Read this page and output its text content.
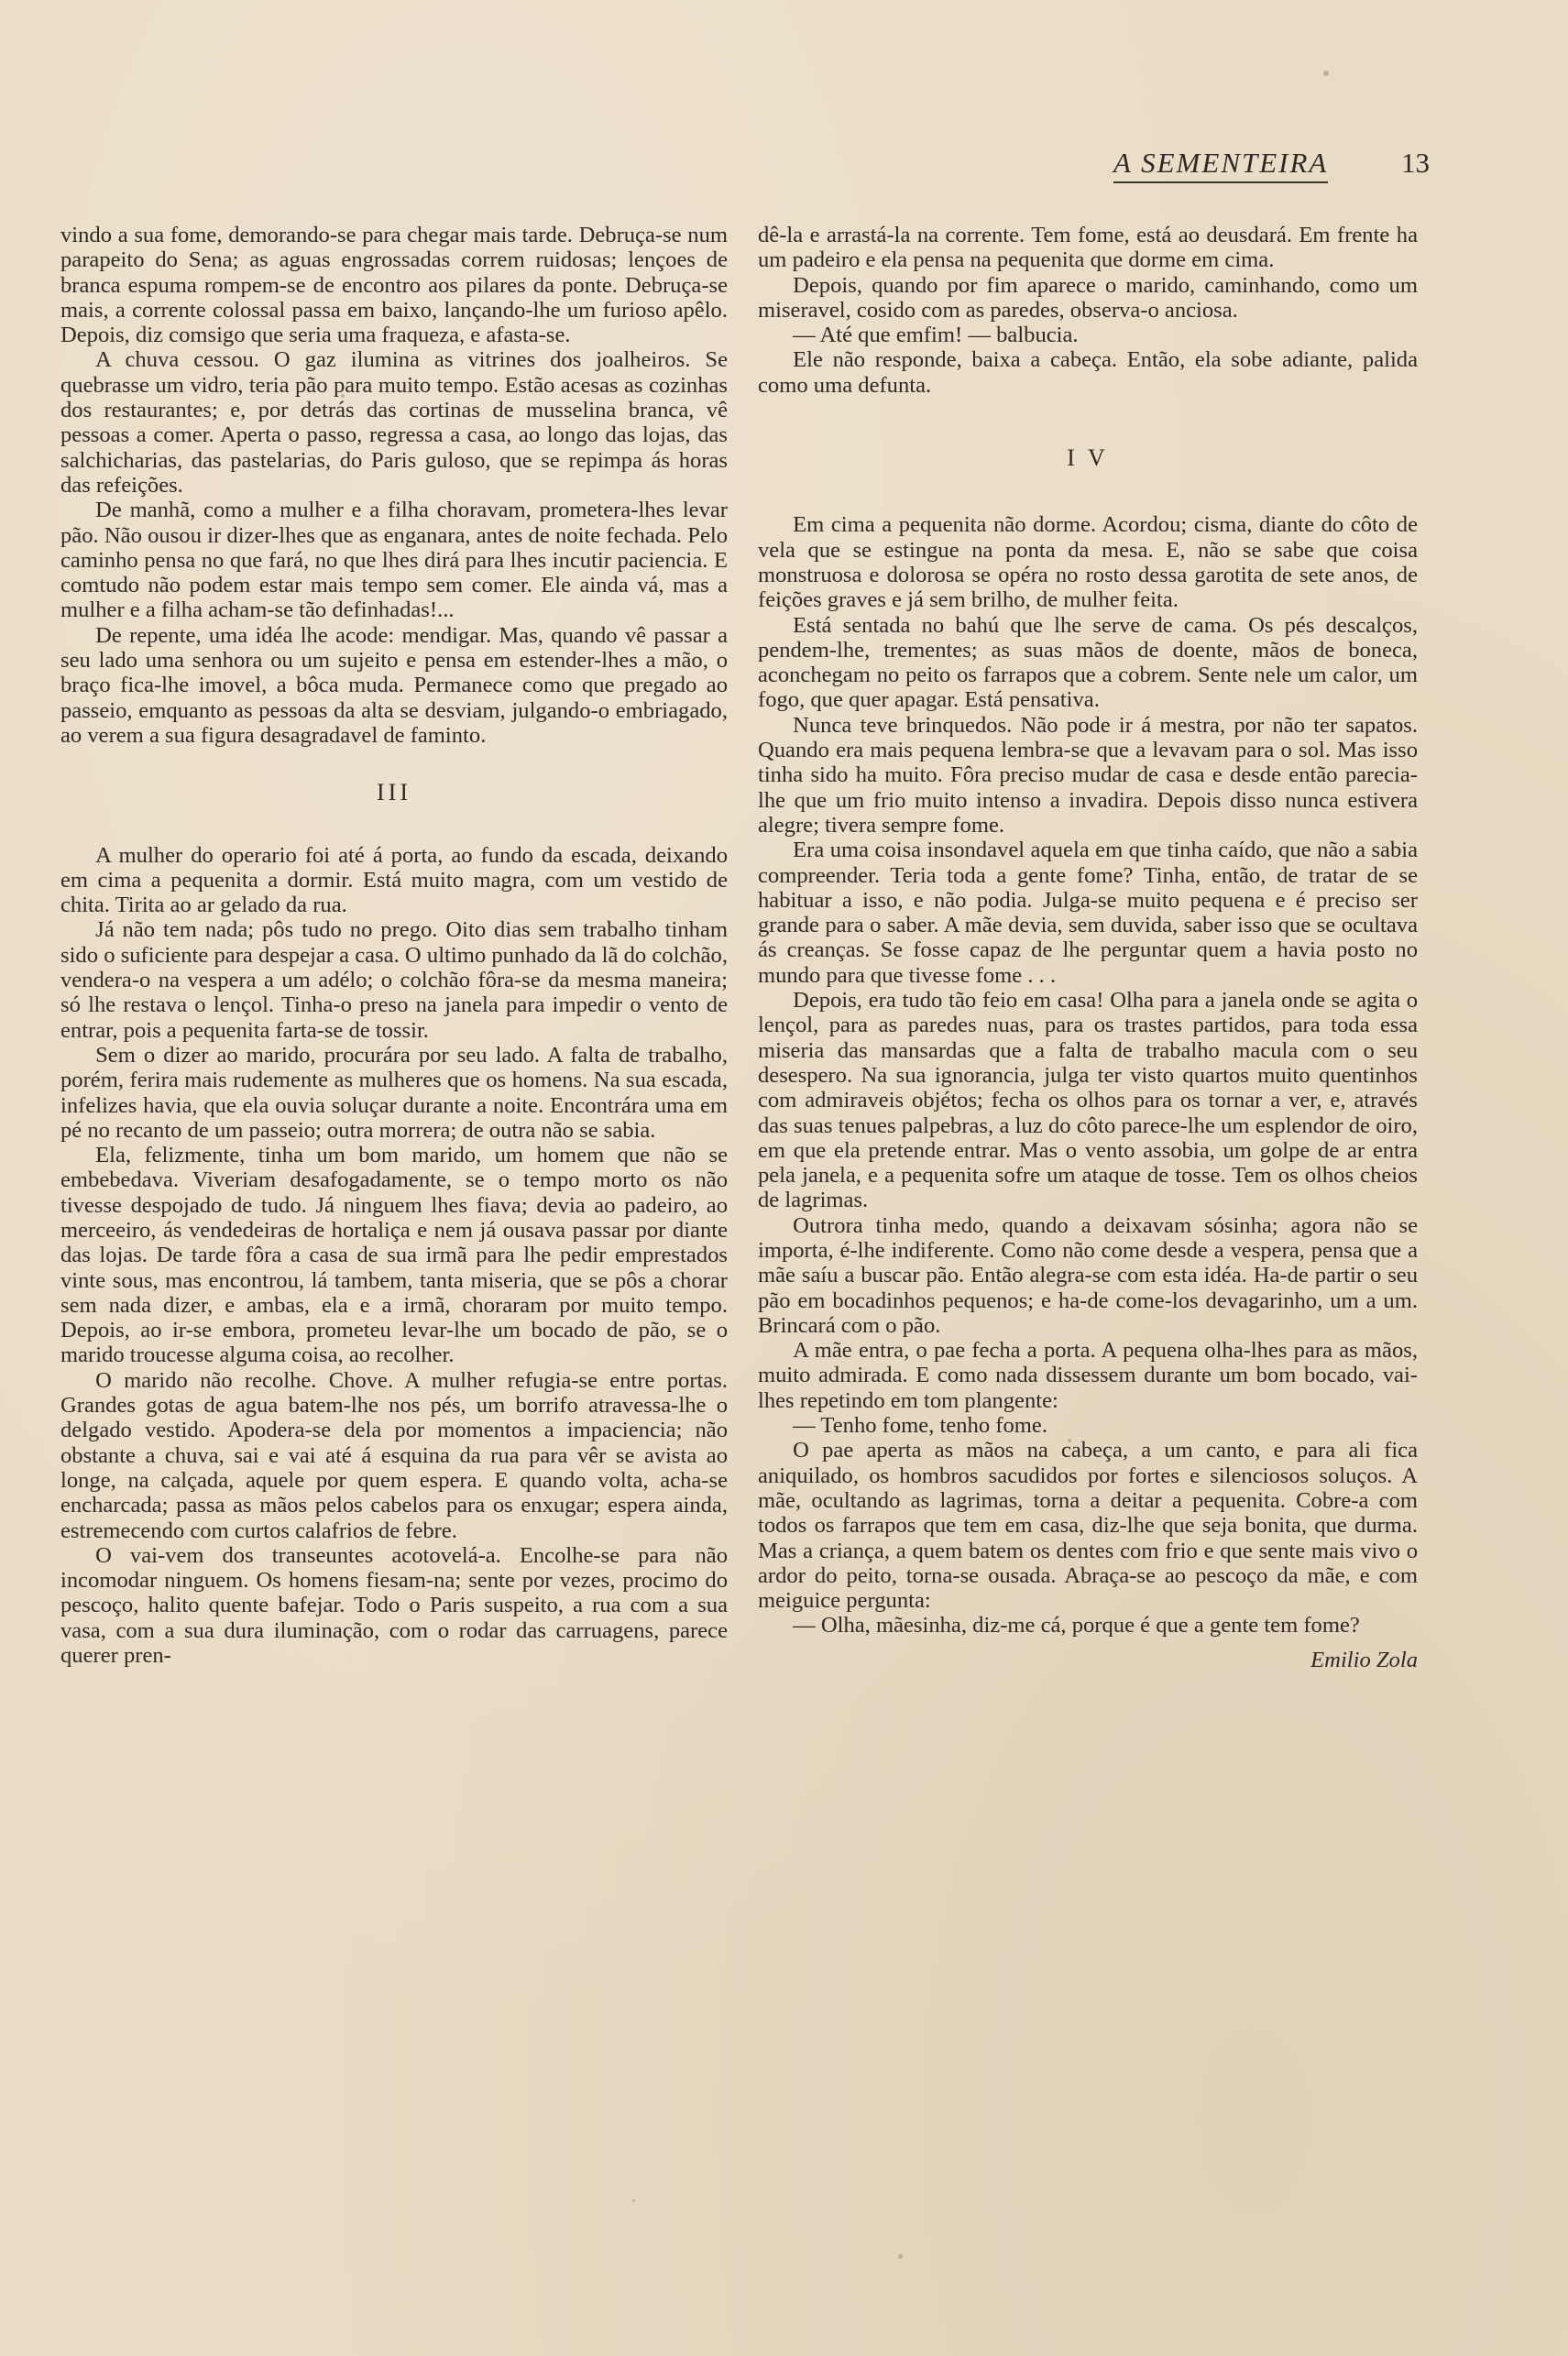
A SEMENTEIRA	13

vindo a sua fome, demorando-se para chegar mais tarde. Debruça-se num parapeito do Sena; as aguas engrossadas correm ruidosas; lençoes de branca espuma rompem-se de encontro aos pilares da ponte. Debruça-se mais, a corrente colossal passa em baixo, lançando-lhe um furioso apêlo. Depois, diz comsigo que seria uma fraqueza, e afasta-se.

A chuva cessou. O gaz ilumina as vitrines dos joalheiros. Se quebrasse um vidro, teria pão para muito tempo. Estão acesas as cozinhas dos restaurantes; e, por detrás das cortinas de musselina branca, vê pessoas a comer. Aperta o passo, regressa a casa, ao longo das lojas, das salchicharias, das pastelarias, do Paris guloso, que se repimpa ás horas das refeições.

De manhã, como a mulher e a filha choravam, prometera-lhes levar pão. Não ousou ir dizer-lhes que as enganara, antes de noite fechada. Pelo caminho pensa no que fará, no que lhes dirá para lhes incutir paciencia. E comtudo não podem estar mais tempo sem comer. Ele ainda vá, mas a mulher e a filha acham-se tão definhadas!...

De repente, uma idéa lhe acode: mendigar. Mas, quando vê passar a seu lado uma senhora ou um sujeito e pensa em estender-lhes a mão, o braço fica-lhe imovel, a bôca muda. Permanece como que pregado ao passeio, emquanto as pessoas da alta se desviam, julgando-o embriagado, ao verem a sua figura desagradavel de faminto.

III

A mulher do operario foi até á porta, ao fundo da escada, deixando em cima a pequenita a dormir. Está muito magra, com um vestido de chita. Tirita ao ar gelado da rua.

Já não tem nada; pôs tudo no prego. Oito dias sem trabalho tinham sido o suficiente para despejar a casa. O ultimo punhado da lã do colchão, vendera-o na vespera a um adélo; o colchão fôra-se da mesma maneira; só lhe restava o lençol. Tinha-o preso na janela para impedir o vento de entrar, pois a pequenita farta-se de tossir.

Sem o dizer ao marido, procurára por seu lado. A falta de trabalho, porém, ferira mais rudemente as mulheres que os homens. Na sua escada, infelizes havia, que ela ouvia soluçar durante a noite. Encontrára uma em pé no recanto de um passeio; outra morrera; de outra não se sabia.

Ela, felizmente, tinha um bom marido, um homem que não se embebedava. Viveriam desafogadamente, se o tempo morto os não tivesse despojado de tudo. Já ninguem lhes fiava; devia ao padeiro, ao merceeiro, ás vendedeiras de hortaliça e nem já ousava passar por diante das lojas. De tarde fôra a casa de sua irmã para lhe pedir emprestados vinte sous, mas encontrou, lá tambem, tanta miseria, que se pôs a chorar sem nada dizer, e ambas, ela e a irmã, choraram por muito tempo. Depois, ao ir-se embora, prometeu levar-lhe um bocado de pão, se o marido troucesse alguma coisa, ao recolher.

O marido não recolhe. Chove. A mulher refugia-se entre portas. Grandes gotas de agua batem-lhe nos pés, um borrifo atravessa-lhe o delgado vestido. Apodera-se dela por momentos a impaciencia; não obstante a chuva, sai e vai até á esquina da rua para vêr se avista ao longe, na calçada, aquele por quem espera. E quando volta, acha-se encharcada; passa as mãos pelos cabelos para os enxugar; espera ainda, estremecendo com curtos calafrios de febre.

O vai-vem dos transeuntes acotovelá-a. Encolhe-se para não incomodar ninguem. Os homens fiesam-na; sente por vezes, procimo do pescoço, halito quente bafejar. Todo o Paris suspeito, a rua com a sua vasa, com a sua dura iluminação, com o rodar das carruagens, parece querer pren-

dê-la e arrastá-la na corrente. Tem fome, está ao deusdará. Em frente ha um padeiro e ela pensa na pequenita que dorme em cima.

Depois, quando por fim aparece o marido, caminhando, como um miseravel, cosido com as paredes, observa-o anciosa.

— Até que emfim! — balbucia.

Ele não responde, baixa a cabeça. Então, ela sobe adiante, palida como uma defunta.

I V

Em cima a pequenita não dorme. Acordou; cisma, diante do côto de vela que se estingue na ponta da mesa. E, não se sabe que coisa monstruosa e dolorosa se opéra no rosto dessa garotita de sete anos, de feições graves e já sem brilho, de mulher feita.

Está sentada no bahú que lhe serve de cama. Os pés descalços, pendem-lhe, trementes; as suas mãos de doente, mãos de boneca, aconchegam no peito os farrapos que a cobrem. Sente nele um calor, um fogo, que quer apagar. Está pensativa.

Nunca teve brinquedos. Não pode ir á mestra, por não ter sapatos. Quando era mais pequena lembra-se que a levavam para o sol. Mas isso tinha sido ha muito. Fôra preciso mudar de casa e desde então parecia-lhe que um frio muito intenso a invadira. Depois disso nunca estivera alegre; tivera sempre fome.

Era uma coisa insondavel aquela em que tinha caído, que não a sabia compreender. Teria toda a gente fome? Tinha, então, de tratar de se habituar a isso, e não podia. Julga-se muito pequena e é preciso ser grande para o saber. A mãe devia, sem duvida, saber isso que se ocultava ás creanças. Se fosse capaz de lhe perguntar quem a havia posto no mundo para que tivesse fome . . .

Depois, era tudo tão feio em casa! Olha para a janela onde se agita o lençol, para as paredes nuas, para os trastes partidos, para toda essa miseria das mansardas que a falta de trabalho macula com o seu desespero. Na sua ignorancia, julga ter visto quartos muito quentinhos com admiraveis objétos; fecha os olhos para os tornar a ver, e, através das suas tenues palpebras, a luz do côto parece-lhe um esplendor de oiro, em que ela pretende entrar. Mas o vento assobia, um golpe de ar entra pela janela, e a pequenita sofre um ataque de tosse. Tem os olhos cheios de lagrimas.

Outrora tinha medo, quando a deixavam sósinha; agora não se importa, é-lhe indiferente. Como não come desde a vespera, pensa que a mãe saíu a buscar pão. Então alegra-se com esta idéa. Ha-de partir o seu pão em bocadinhos pequenos; e ha-de come-los devagarinho, um a um. Brincará com o pão.

A mãe entra, o pae fecha a porta. A pequena olha-lhes para as mãos, muito admirada. E como nada dissessem durante um bom bocado, vai-lhes repetindo em tom plangente:

— Tenho fome, tenho fome.

O pae aperta as mãos na cabeça, a um canto, e para ali fica aniquilado, os hombros sacudidos por fortes e silenciosos soluços. A mãe, ocultando as lagrimas, torna a deitar a pequenita. Cobre-a com todos os farrapos que tem em casa, diz-lhe que seja bonita, que durma. Mas a criança, a quem batem os dentes com frio e que sente mais vivo o ardor do peito, torna-se ousada. Abraça-se ao pescoço da mãe, e com meiguice pergunta:

— Olha, mãesinha, diz-me cá, porque é que a gente tem fome?

Emilio Zola
